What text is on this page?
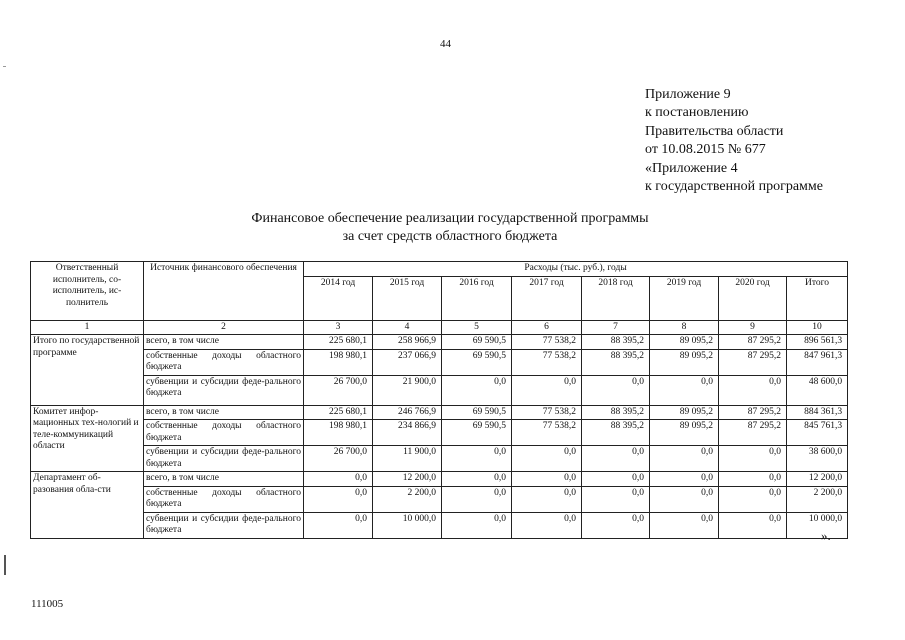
44
Приложение 9
к постановлению
Правительства области
от 10.08.2015 № 677
«Приложение 4
к государственной программе
Финансовое обеспечение реализации государственной программы
за счет средств областного бюджета
Ответственный исполнитель, со-исполнитель, ис-полнитель	Источник финансового обеспечения	Расходы (тыс. руб.), годы							
		2014 год	2015 год	2016 год	2017 год	2018 год	2019 год	2020 год	Итого
1	2	3	4	5	6	7	8	9	10
Итого по государственной программе	всего, в том числе	225 680,1	258 966,9	69 590,5	77 538,2	88 395,2	89 095,2	87 295,2	896 561,3
	собственные доходы областного бюджета	198 980,1	237 066,9	69 590,5	77 538,2	88 395,2	89 095,2	87 295,2	847 961,3
	субвенции и субсидии феде-рального бюджета	26 700,0	21 900,0	0,0	0,0	0,0	0,0	0,0	48 600,0
Комитет инфор-мационных тех-нологий и теле-коммуникаций области	всего, в том числе	225 680,1	246 766,9	69 590,5	77 538,2	88 395,2	89 095,2	87 295,2	884 361,3
	собственные доходы областного бюджета	198 980,1	234 866,9	69 590,5	77 538,2	88 395,2	89 095,2	87 295,2	845 761,3
	субвенции и субсидии феде-рального бюджета	26 700,0	11 900,0	0,0	0,0	0,0	0,0	0,0	38 600,0
Департамент об-разования обла-сти	всего, в том числе	0,0	12 200,0	0,0	0,0	0,0	0,0	0,0	12 200,0
	собственные доходы областного бюджета	0,0	2 200,0	0,0	0,0	0,0	0,0	0,0	2 200,0
	субвенции и субсидии феде-рального бюджета	0,0	10 000,0	0,0	0,0	0,0	0,0	0,0	10 000,0
».
111005
